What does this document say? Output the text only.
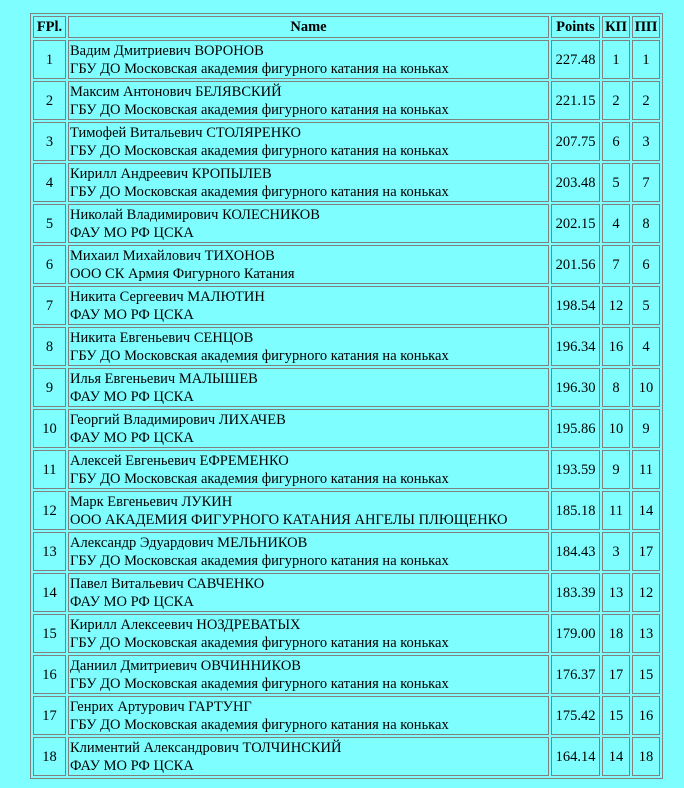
FPl.	Name	Points	КП	ПП
1	Вадим Дмитриевич ВОРОНОВ
ГБУ ДО Московская академия фигурного катания на коньках	227.48	1	1
2	Максим Антонович БЕЛЯВСКИЙ
ГБУ ДО Московская академия фигурного катания на коньках	221.15	2	2
3	Тимофей Витальевич СТОЛЯРЕНКО
ГБУ ДО Московская академия фигурного катания на коньках	207.75	6	3
4	Кирилл Андреевич КРОПЫЛЕВ
ГБУ ДО Московская академия фигурного катания на коньках	203.48	5	7
5	Николай Владимирович КОЛЕСНИКОВ
ФАУ МО РФ ЦСКА	202.15	4	8
6	Михаил Михайлович ТИХОНОВ
ООО СК Армия Фигурного Катания	201.56	7	6
7	Никита Сергеевич МАЛЮТИН
ФАУ МО РФ ЦСКА	198.54	12	5
8	Никита Евгеньевич СЕНЦОВ
ГБУ ДО Московская академия фигурного катания на коньках	196.34	16	4
9	Илья Евгеньевич МАЛЫШЕВ
ФАУ МО РФ ЦСКА	196.30	8	10
10	Георгий Владимирович ЛИХАЧЕВ
ФАУ МО РФ ЦСКА	195.86	10	9
11	Алексей Евгеньевич ЕФРЕМЕНКО
ГБУ ДО Московская академия фигурного катания на коньках	193.59	9	11
12	Марк Евгеньевич ЛУКИН
ООО АКАДЕМИЯ ФИГУРНОГО КАТАНИЯ АНГЕЛЫ ПЛЮЩЕНКО	185.18	11	14
13	Александр Эдуардович МЕЛЬНИКОВ
ГБУ ДО Московская академия фигурного катания на коньках	184.43	3	17
14	Павел Витальевич САВЧЕНКО
ФАУ МО РФ ЦСКА	183.39	13	12
15	Кирилл Алексеевич НОЗДРЕВАТЫХ
ГБУ ДО Московская академия фигурного катания на коньках	179.00	18	13
16	Даниил Дмитриевич ОВЧИННИКОВ
ГБУ ДО Московская академия фигурного катания на коньках	176.37	17	15
17	Генрих Артурович ГАРТУНГ
ГБУ ДО Московская академия фигурного катания на коньках	175.42	15	16
18	Климентий Александрович ТОЛЧИНСКИЙ
ФАУ МО РФ ЦСКА	164.14	14	18
